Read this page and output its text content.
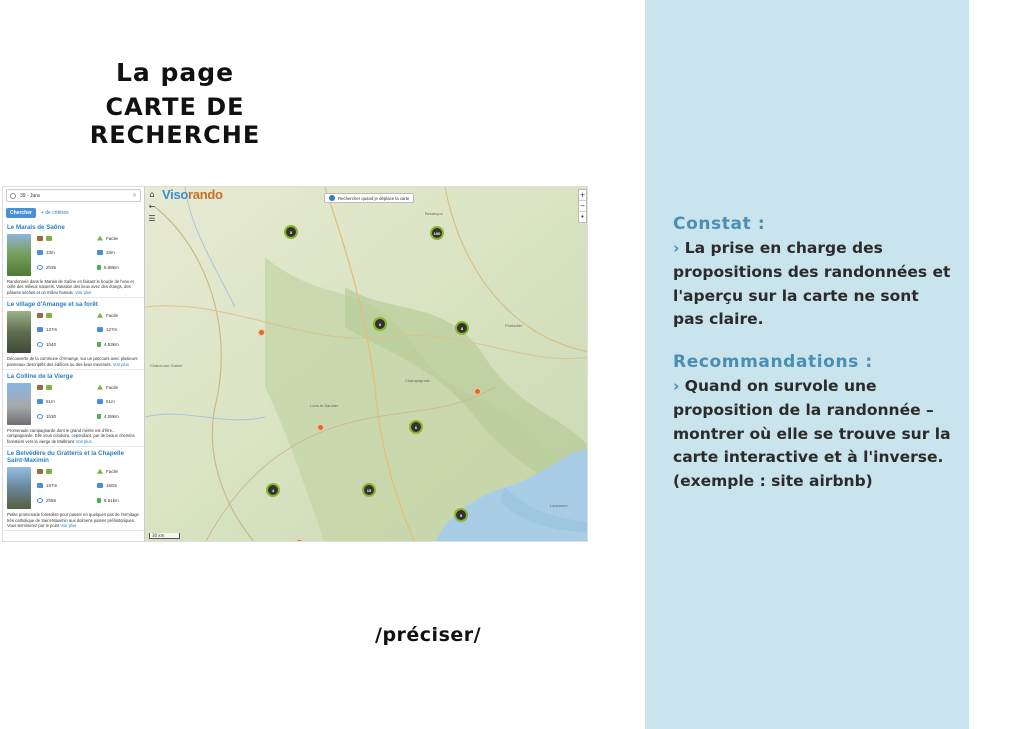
La page
CARTE DE RECHERCHE
39 - Jura	✕
Chercher	+ de critères
Le Marais de Saône
Facile
33m	33m
2h35	6.68km

Randonnée dans le Marais de Saône en faisant le boucle de l'eau et celle des milieux naturels. Variation des lieux avec des étangs, des pâtures sèches et un milieu humide. Voir plus

Le village d'Amange et sa forêt
Facile
127m	127m
1h40	4.53km

Découverte de la commune d'Amange, sur un parcours avec plusieurs panneaux descriptifs des édifices ou des lieux traversés. Voir plus

La Colline de la Vierge
Facile
51m	51m
1h30	4.08km

Promenade campagnarde dont le grand mérite est d'être... campagnarde. Elle vous conduira, cependant, par de beaux chemins forestiers vers la vierge de Malbrans Voir plus

Le Belvédère du Gratteris et la Chapelle Saint-Maximin
Facile
157m	160m
2h55	8.51km

Petite promenade forestière pour passer en quelques pas de l'ermitage très catholique de Saint-Maximin aux dolmens païens préhistoriques. Vous terminerez par le point Voir plus

Besançon
Champagnole
Lons-le-Saunier
Chalon-sur-Saône
Pontarlier
Lausanne
Visorando
⌂
←
☰
Rechercher quand je déplace la carte	+
−
•
5	100
6
8
6
4	15
5
30 km
/préciser/
Constat :
› La prise en charge des propositions des randonnées et l'aperçu sur la carte ne sont pas claire.
Recommandations :
› Quand on survole une proposition de la randonnée – montrer où elle se trouve sur la carte interactive et à l'inverse. (exemple : site airbnb)
